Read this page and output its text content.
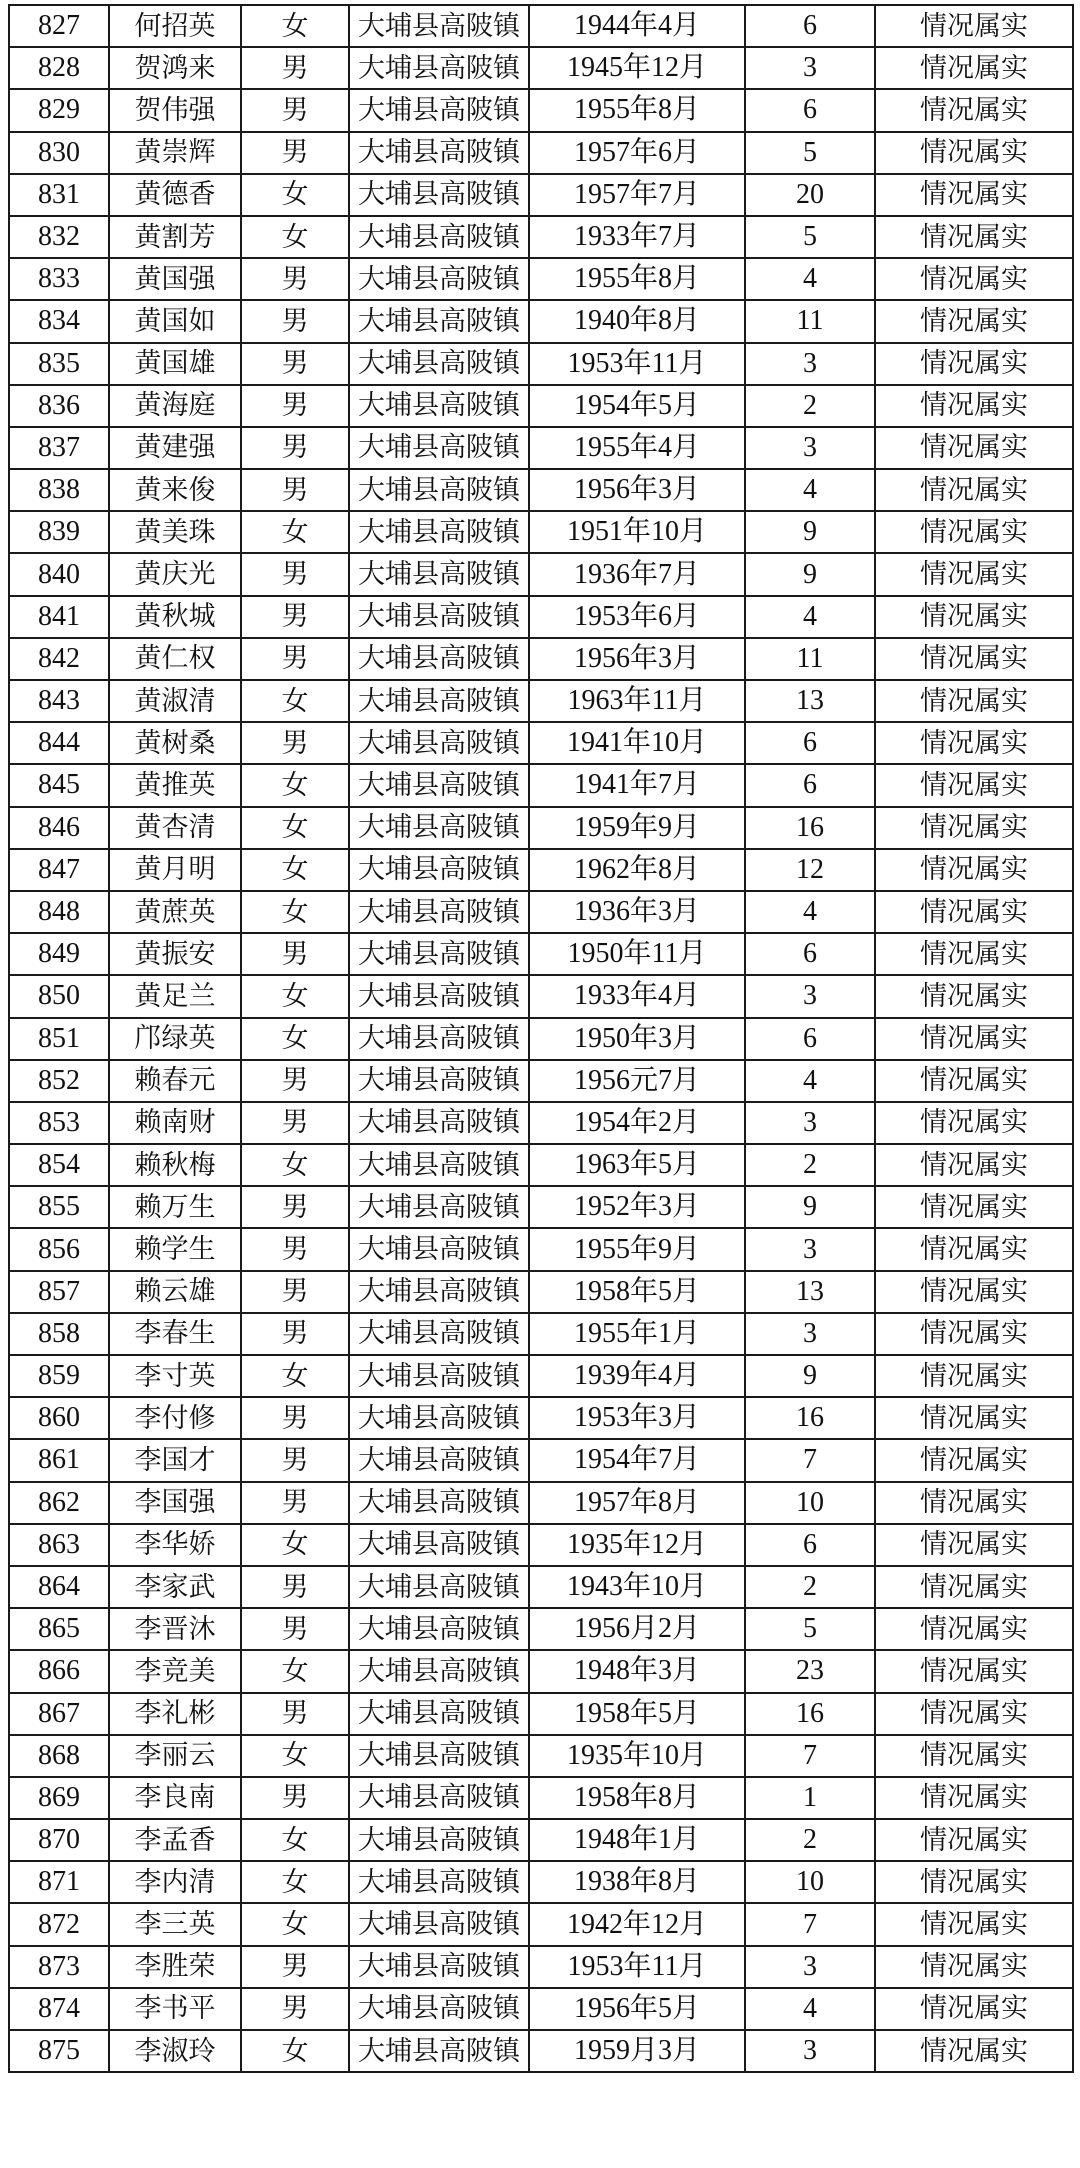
827	何招英	女	大埔县高陂镇	1944年4月	6	情况属实
828	贺鸿来	男	大埔县高陂镇	1945年12月	3	情况属实
829	贺伟强	男	大埔县高陂镇	1955年8月	6	情况属实
830	黄崇辉	男	大埔县高陂镇	1957年6月	5	情况属实
831	黄德香	女	大埔县高陂镇	1957年7月	20	情况属实
832	黄割芳	女	大埔县高陂镇	1933年7月	5	情况属实
833	黄国强	男	大埔县高陂镇	1955年8月	4	情况属实
834	黄国如	男	大埔县高陂镇	1940年8月	11	情况属实
835	黄国雄	男	大埔县高陂镇	1953年11月	3	情况属实
836	黄海庭	男	大埔县高陂镇	1954年5月	2	情况属实
837	黄建强	男	大埔县高陂镇	1955年4月	3	情况属实
838	黄来俊	男	大埔县高陂镇	1956年3月	4	情况属实
839	黄美珠	女	大埔县高陂镇	1951年10月	9	情况属实
840	黄庆光	男	大埔县高陂镇	1936年7月	9	情况属实
841	黄秋城	男	大埔县高陂镇	1953年6月	4	情况属实
842	黄仁权	男	大埔县高陂镇	1956年3月	11	情况属实
843	黄淑清	女	大埔县高陂镇	1963年11月	13	情况属实
844	黄树桑	男	大埔县高陂镇	1941年10月	6	情况属实
845	黄推英	女	大埔县高陂镇	1941年7月	6	情况属实
846	黄杏清	女	大埔县高陂镇	1959年9月	16	情况属实
847	黄月明	女	大埔县高陂镇	1962年8月	12	情况属实
848	黄蔗英	女	大埔县高陂镇	1936年3月	4	情况属实
849	黄振安	男	大埔县高陂镇	1950年11月	6	情况属实
850	黄足兰	女	大埔县高陂镇	1933年4月	3	情况属实
851	邝绿英	女	大埔县高陂镇	1950年3月	6	情况属实
852	赖春元	男	大埔县高陂镇	1956元7月	4	情况属实
853	赖南财	男	大埔县高陂镇	1954年2月	3	情况属实
854	赖秋梅	女	大埔县高陂镇	1963年5月	2	情况属实
855	赖万生	男	大埔县高陂镇	1952年3月	9	情况属实
856	赖学生	男	大埔县高陂镇	1955年9月	3	情况属实
857	赖云雄	男	大埔县高陂镇	1958年5月	13	情况属实
858	李春生	男	大埔县高陂镇	1955年1月	3	情况属实
859	李寸英	女	大埔县高陂镇	1939年4月	9	情况属实
860	李付修	男	大埔县高陂镇	1953年3月	16	情况属实
861	李国才	男	大埔县高陂镇	1954年7月	7	情况属实
862	李国强	男	大埔县高陂镇	1957年8月	10	情况属实
863	李华娇	女	大埔县高陂镇	1935年12月	6	情况属实
864	李家武	男	大埔县高陂镇	1943年10月	2	情况属实
865	李晋沐	男	大埔县高陂镇	1956月2月	5	情况属实
866	李竞美	女	大埔县高陂镇	1948年3月	23	情况属实
867	李礼彬	男	大埔县高陂镇	1958年5月	16	情况属实
868	李丽云	女	大埔县高陂镇	1935年10月	7	情况属实
869	李良南	男	大埔县高陂镇	1958年8月	1	情况属实
870	李孟香	女	大埔县高陂镇	1948年1月	2	情况属实
871	李内清	女	大埔县高陂镇	1938年8月	10	情况属实
872	李三英	女	大埔县高陂镇	1942年12月	7	情况属实
873	李胜荣	男	大埔县高陂镇	1953年11月	3	情况属实
874	李书平	男	大埔县高陂镇	1956年5月	4	情况属实
875	李淑玲	女	大埔县高陂镇	1959月3月	3	情况属实
